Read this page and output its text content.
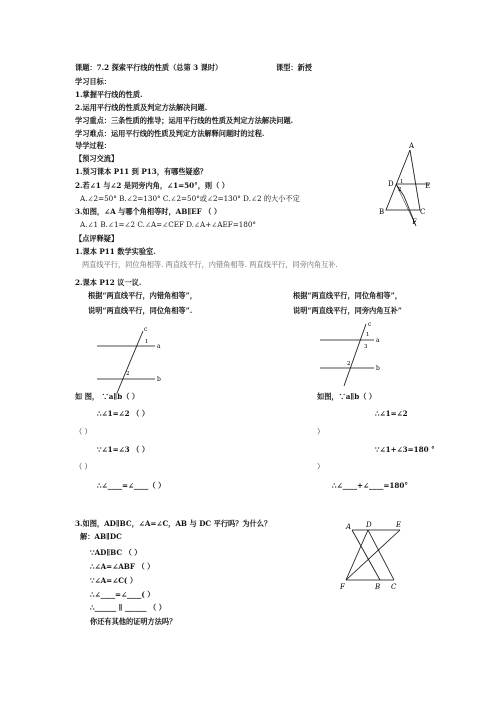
课题：7.2 探索平行线的性质（总第 3 课时）	课型：新授
学习目标：
1.掌握平行线的性质.
2.运用平行线的性质及判定方法解决问题.
学习重点：三条性质的推导；运用平行线的性质及判定方法解决问题.
学习难点：运用平行线的性质及判定方法解释问题时的过程.
导学过程：
【预习交流】
1.预习课本 P11 到 P13，有哪些疑惑？
2.若∠1 与∠2 是同旁内角，∠1=50°，则（ ）
A.∠2=50° B.∠2=130° C.∠2=50°或∠2=130° D.∠2 的大小不定
3.如图，∠A 与哪个角相等时，AB∥EF （ ）
A.∠1 B.∠1=∠2 C.∠A=∠CEF D.∠A+∠AEF=180°
A
D	E
B	C
F
1
2
【点评释疑】
1.课本 P11 数学实验室.
两直线平行，同位角相等. 两直线平行，内错角相等. 两直线平行，同旁内角互补.
2.课本 P12 议一议.
根据“两直线平行，内错角相等”，
说明“两直线平行，同位角相等”.
根据“两直线平行，同位角相等”，
说明“两直线平行，同旁内角互补”
c
a
b
1
2
c
a
b
1
3
2
如 图， ∵a∥b（ ）
∴∠1=∠2 （ ）
（ ）
∵∠1=∠3 （ ）
（ ）
∴∠____=∠____（ ）
如图，∵a∥b（ ）
∴∠1=∠2
）
∵∠1+∠3=180 °
）
∴∠____+∠____=180°
3.如图，AD∥BC，∠A=∠C，AB 与 DC 平行吗？为什么？
解：AB∥DC
∵AD∥BC （ ）
∴∠A=∠ABF （ ）
∵∠A=∠C( ）
∴∠____=∠____( ）
∴______ ∥ ______ （ ）
你还有其他的证明方法吗？
A D	E
F	B C
